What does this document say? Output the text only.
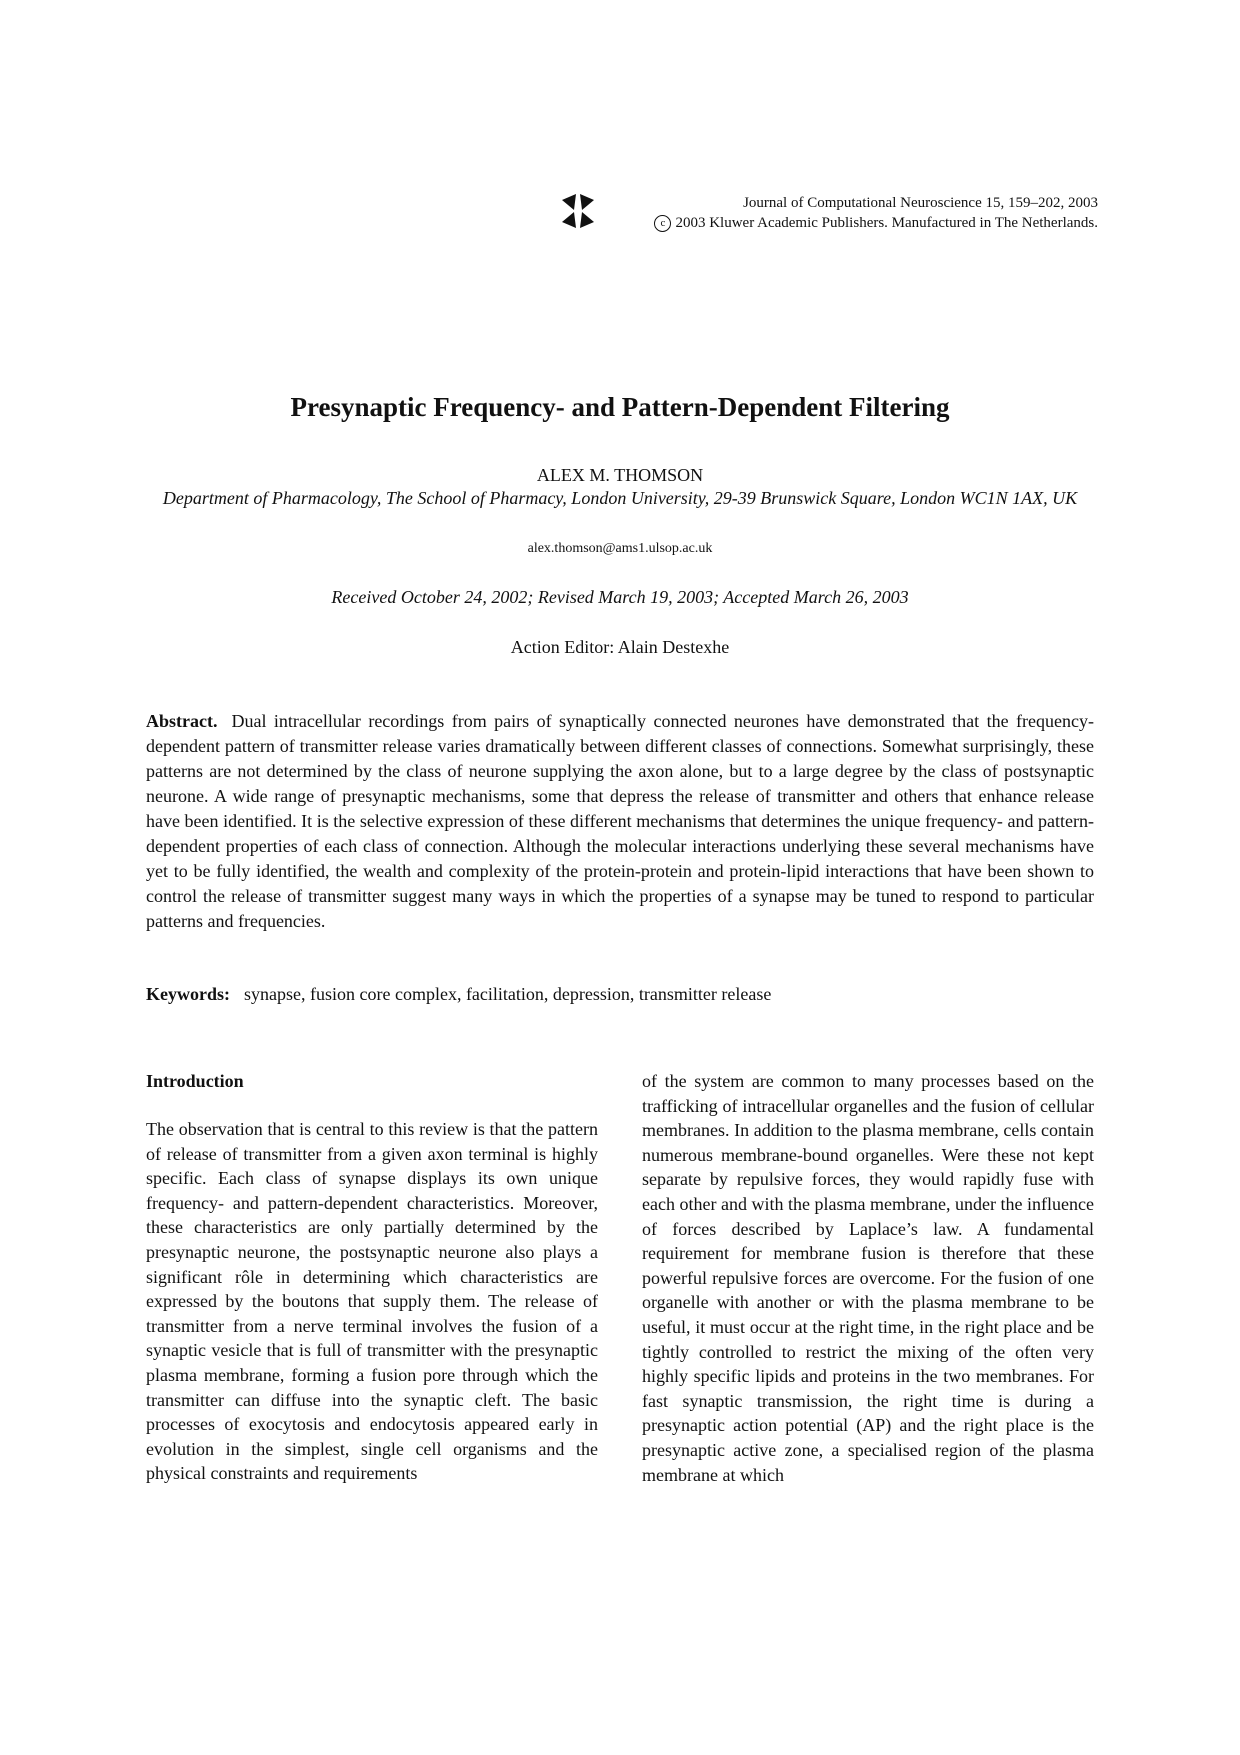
Journal of Computational Neuroscience 15, 159–202, 2003
c 2003 Kluwer Academic Publishers. Manufactured in The Netherlands.
Presynaptic Frequency- and Pattern-Dependent Filtering
ALEX M. THOMSON
Department of Pharmacology, The School of Pharmacy, London University, 29-39 Brunswick Square, London WC1N 1AX, UK
alex.thomson@ams1.ulsop.ac.uk
Received October 24, 2002; Revised March 19, 2003; Accepted March 26, 2003
Action Editor: Alain Destexhe

Abstract. Dual intracellular recordings from pairs of synaptically connected neurones have demonstrated that the frequency-dependent pattern of transmitter release varies dramatically between different classes of connections. Somewhat surprisingly, these patterns are not determined by the class of neurone supplying the axon alone, but to a large degree by the class of postsynaptic neurone. A wide range of presynaptic mechanisms, some that depress the release of transmitter and others that enhance release have been identified. It is the selective expression of these different mechanisms that determines the unique frequency- and pattern-dependent properties of each class of connection. Although the molecular interactions underlying these several mechanisms have yet to be fully identified, the wealth and complexity of the protein-protein and protein-lipid interactions that have been shown to control the release of transmitter suggest many ways in which the properties of a synapse may be tuned to respond to particular patterns and frequencies.

Keywords: synapse, fusion core complex, facilitation, depression, transmitter release
Introduction

The observation that is central to this review is that the pattern of release of transmitter from a given axon terminal is highly specific. Each class of synapse displays its own unique frequency- and pattern-dependent characteristics. Moreover, these characteristics are only partially determined by the presynaptic neurone, the postsynaptic neurone also plays a significant rôle in determining which characteristics are expressed by the boutons that supply them. The release of transmitter from a nerve terminal involves the fusion of a synaptic vesicle that is full of transmitter with the presynaptic plasma membrane, forming a fusion pore through which the transmitter can diffuse into the synaptic cleft. The basic processes of exocytosis and endocytosis appeared early in evolution in the simplest, single cell organisms and the physical constraints and requirements

of the system are common to many processes based on the trafficking of intracellular organelles and the fusion of cellular membranes. In addition to the plasma membrane, cells contain numerous membrane-bound organelles. Were these not kept separate by repulsive forces, they would rapidly fuse with each other and with the plasma membrane, under the influence of forces described by Laplace’s law. A fundamental requirement for membrane fusion is therefore that these powerful repulsive forces are overcome. For the fusion of one organelle with another or with the plasma membrane to be useful, it must occur at the right time, in the right place and be tightly controlled to restrict the mixing of the often very highly specific lipids and proteins in the two membranes. For fast synaptic transmission, the right time is during a presynaptic action potential (AP) and the right place is the presynaptic active zone, a specialised region of the plasma membrane at which
